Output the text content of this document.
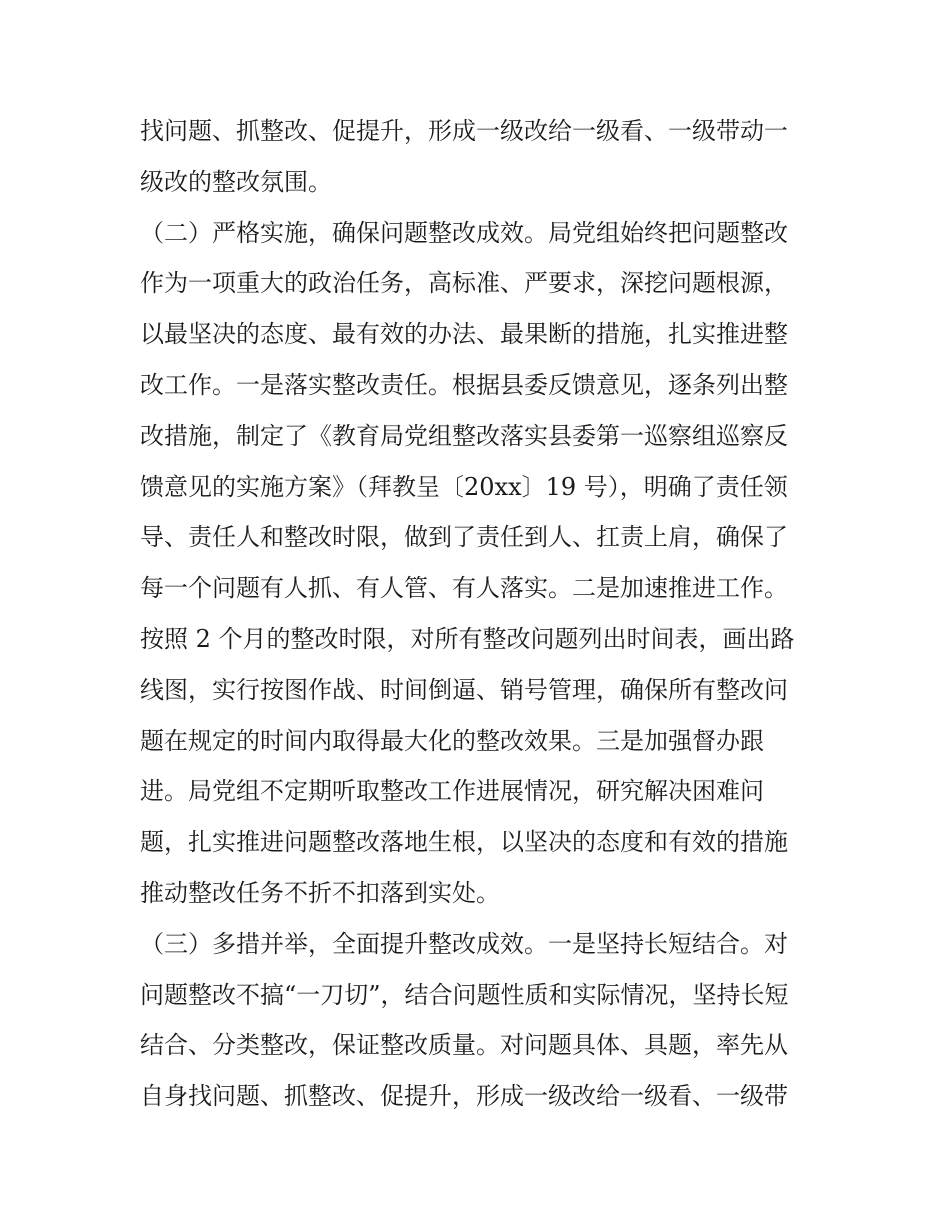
找问题、抓整改、促提升，形成一级改给一级看、一级带动一
级改的整改氛围。
（二）严格实施，确保问题整改成效。局党组始终把问题整改
作为一项重大的政治任务，高标准、严要求，深挖问题根源，
以最坚决的态度、最有效的办法、最果断的措施，扎实推进整
改工作。一是落实整改责任。根据县委反馈意见，逐条列出整
改措施，制定了《教育局党组整改落实县委第一巡察组巡察反
馈意见的实施方案》（拜教呈〔20xx〕19 号），明确了责任领
导、责任人和整改时限，做到了责任到人、扛责上肩，确保了
每一个问题有人抓、有人管、有人落实。二是加速推进工作。
按照 2 个月的整改时限，对所有整改问题列出时间表，画出路
线图，实行按图作战、时间倒逼、销号管理，确保所有整改问
题在规定的时间内取得最大化的整改效果。三是加强督办跟
进。局党组不定期听取整改工作进展情况，研究解决困难问
题，扎实推进问题整改落地生根，以坚决的态度和有效的措施
推动整改任务不折不扣落到实处。
（三）多措并举，全面提升整改成效。一是坚持长短结合。对
问题整改不搞“一刀切”，结合问题性质和实际情况，坚持长短
结合、分类整改，保证整改质量。对问题具体、具题，率先从
自身找问题、抓整改、促提升，形成一级改给一级看、一级带
